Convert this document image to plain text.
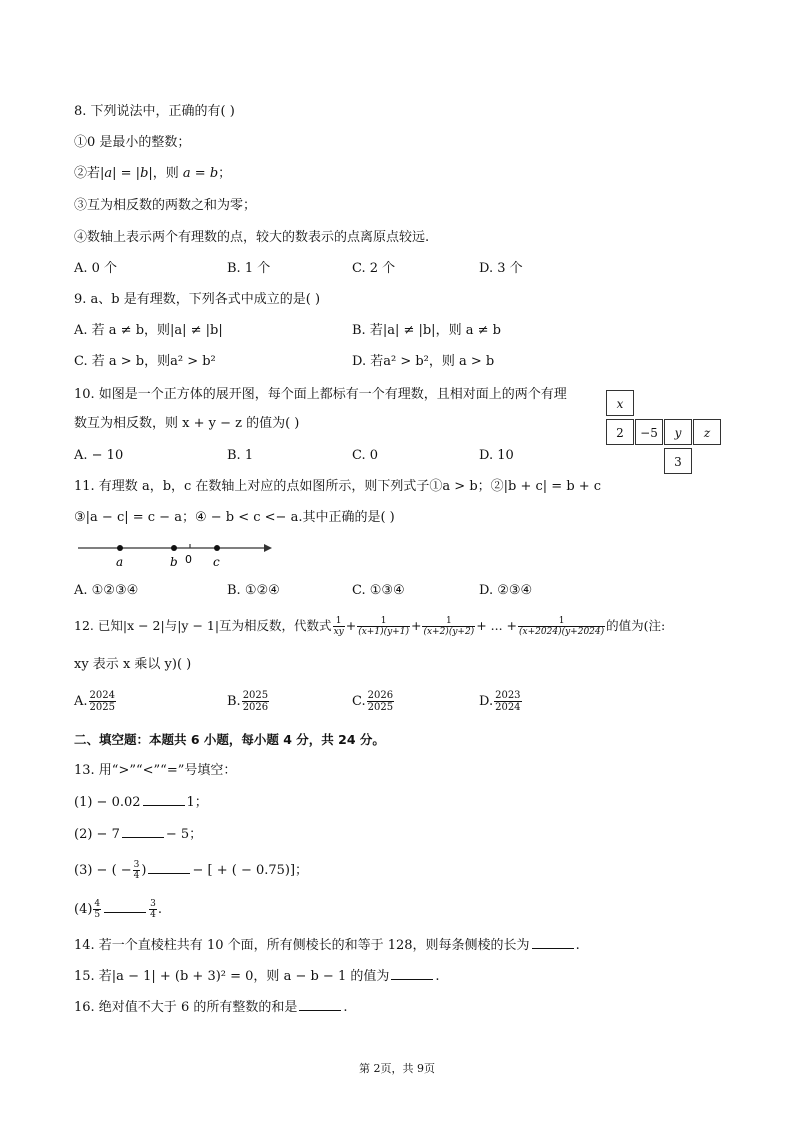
8. 下列说法中，正确的有( )
①0 是最小的整数；
②若|a| = |b|，则 a = b；
③互为相反数的两数之和为零；
④数轴上表示两个有理数的点，较大的数表示的点离原点较远.
A. 0 个	B. 1 个	C. 2 个	D. 3 个
9. a、b 是有理数，下列各式中成立的是( )
A. 若 a ≠ b，则|a| ≠ |b|	B. 若|a| ≠ |b|，则 a ≠ b
C. 若 a > b，则a² > b²	D. 若a² > b²，则 a > b
10. 如图是一个正方体的展开图，每个面上都标有一个有理数，且相对面上的两个有理
数互为相反数，则 x + y − z 的值为( )
x
2	−5	y	z
3
A. − 10	B. 1	C. 0	D. 10
11. 有理数 a，b，c 在数轴上对应的点如图所示，则下列式子①a > b；②|b + c| = b + c
③|a − c| = c − a；④ − b < c <− a.其中正确的是( )
a	b 0 c
A. ①②③④	B. ①②④	C. ①③④	D. ②③④
12. 已知|x − 2|与|y − 1|互为相反数，代数式 $\frac{1}{xy} + \frac{1}{(x+1)(y+1)} + \frac{1}{(x+2)(y+2)}$ + ... + $\frac{1}{(x+2024)(y+2024)}$ 的值为(注:
xy 表示 x 乘以 y)( )
A. $\frac{2024}{2025}$	B. $\frac{2025}{2026}$	C. $\frac{2026}{2025}$	D. $\frac{2023}{2024}$
二、填空题：本题共 6 小题，每小题 4 分，共 24 分。
13. 用“>”“<”“=”号填空：
(1) − 0.02	1；
(2) − 7	− 5；
(3) − ( − $\frac{3}{4}$ )	− [ + ( − 0.75)]；
$(4) \frac{4}{5}$	$\frac{3}{4}$ .
14. 若一个直棱柱共有 10 个面，所有侧棱长的和等于 128，则每条侧棱的长为	.
15. 若|a − 1| + (b + 3)² = 0，则 a − b − 1 的值为	.
16. 绝对值不大于 6 的所有整数的和是	.
第 2页，共 9页
